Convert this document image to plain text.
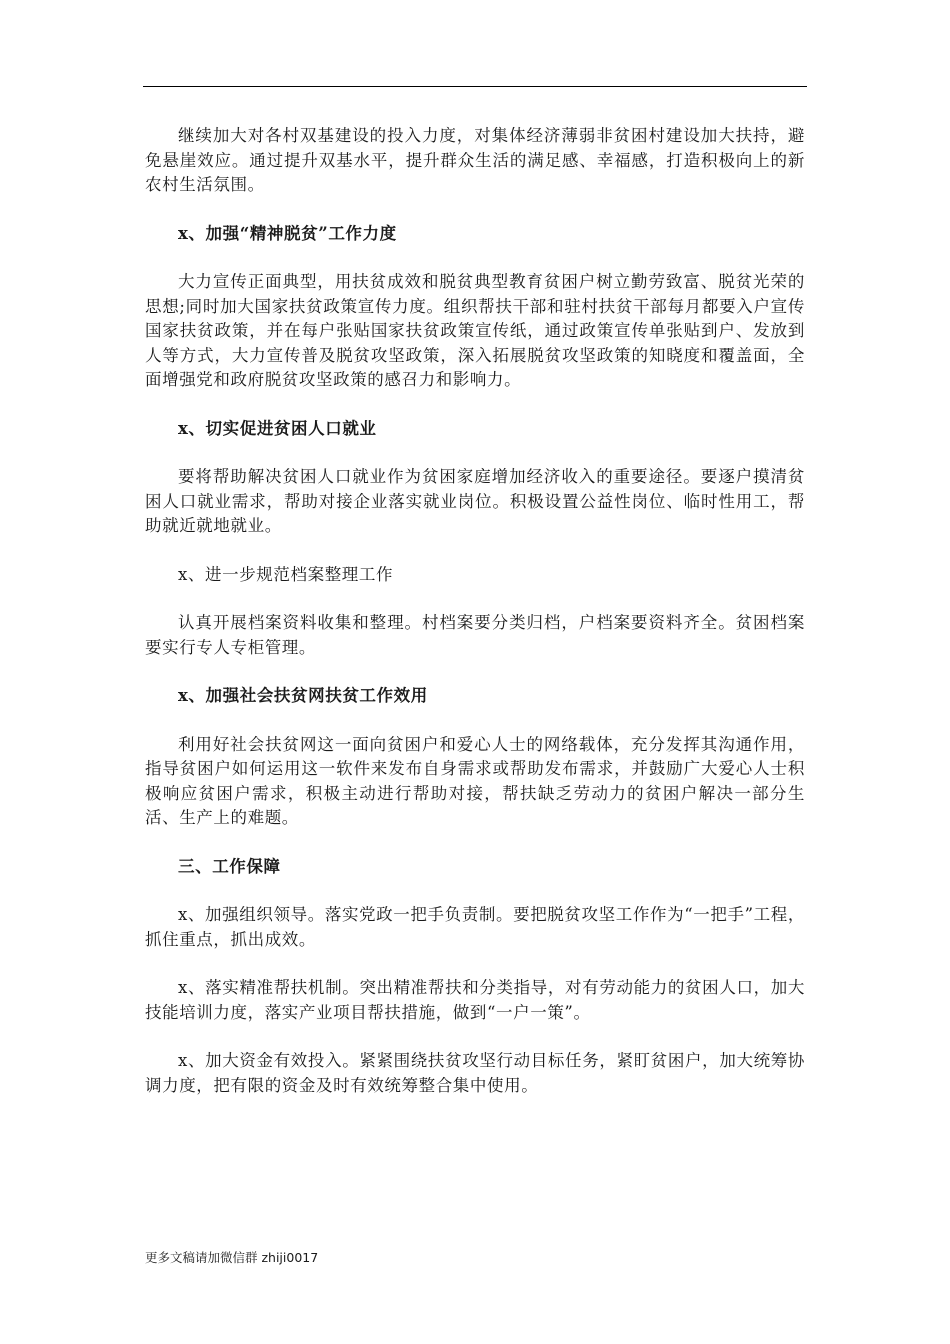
继续加大对各村双基建设的投入力度，对集体经济薄弱非贫困村建设加大扶持，避免悬崖效应。通过提升双基水平，提升群众生活的满足感、幸福感，打造积极向上的新农村生活氛围。

x、加强“精神脱贫”工作力度

大力宣传正面典型，用扶贫成效和脱贫典型教育贫困户树立勤劳致富、脱贫光荣的思想;同时加大国家扶贫政策宣传力度。组织帮扶干部和驻村扶贫干部每月都要入户宣传国家扶贫政策，并在每户张贴国家扶贫政策宣传纸，通过政策宣传单张贴到户、发放到人等方式，大力宣传普及脱贫攻坚政策，深入拓展脱贫攻坚政策的知晓度和覆盖面，全面增强党和政府脱贫攻坚政策的感召力和影响力。

x、切实促进贫困人口就业

要将帮助解决贫困人口就业作为贫困家庭增加经济收入的重要途径。要逐户摸清贫困人口就业需求，帮助对接企业落实就业岗位。积极设置公益性岗位、临时性用工，帮助就近就地就业。

x、进一步规范档案整理工作

认真开展档案资料收集和整理。村档案要分类归档，户档案要资料齐全。贫困档案要实行专人专柜管理。

x、加强社会扶贫网扶贫工作效用

利用好社会扶贫网这一面向贫困户和爱心人士的网络载体，充分发挥其沟通作用，指导贫困户如何运用这一软件来发布自身需求或帮助发布需求，并鼓励广大爱心人士积极响应贫困户需求，积极主动进行帮助对接，帮扶缺乏劳动力的贫困户解决一部分生活、生产上的难题。

三、工作保障

x、加强组织领导。落实党政一把手负责制。要把脱贫攻坚工作作为“一把手”工程，抓住重点，抓出成效。

x、落实精准帮扶机制。突出精准帮扶和分类指导，对有劳动能力的贫困人口，加大技能培训力度，落实产业项目帮扶措施，做到“一户一策”。

x、加大资金有效投入。紧紧围绕扶贫攻坚行动目标任务，紧盯贫困户，加大统筹协调力度，把有限的资金及时有效统筹整合集中使用。

更多文稿请加微信群 zhiji0017
